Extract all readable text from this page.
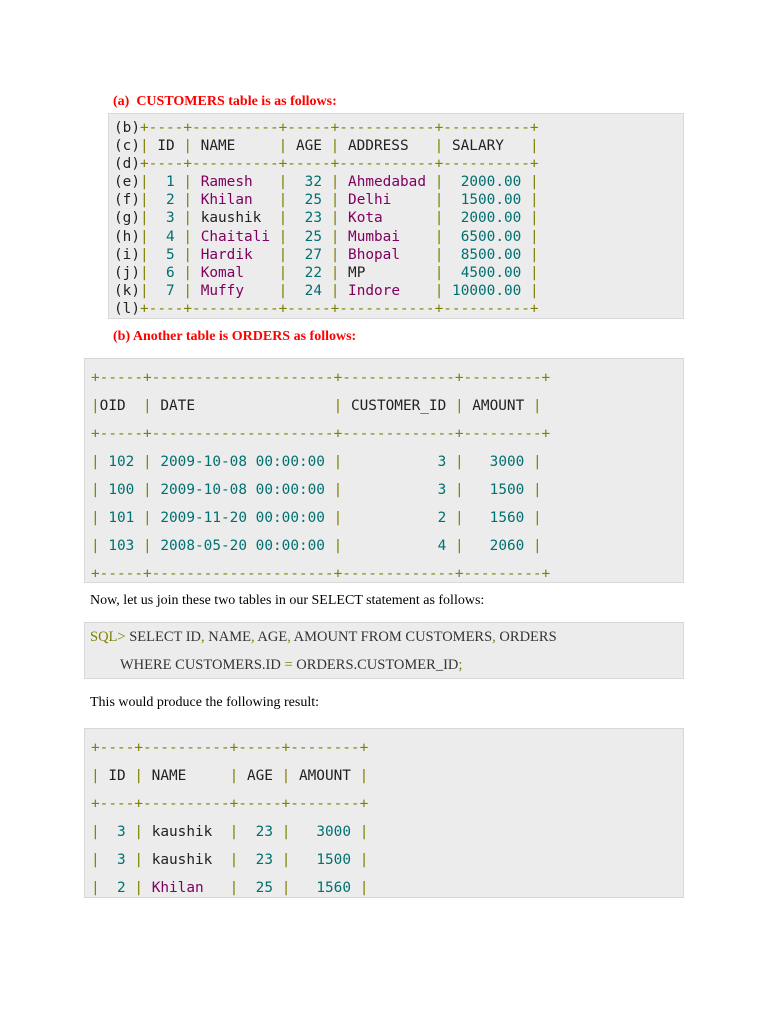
(a)  CUSTOMERS table is as follows:
(b)+----+----------+-----+-----------+----------+
(c)| ID | NAME     | AGE | ADDRESS   | SALARY   |
(d)+----+----------+-----+-----------+----------+
(e)|  1 | Ramesh   |  32 | Ahmedabad |  2000.00 |
(f)|  2 | Khilan   |  25 | Delhi     |  1500.00 |
(g)|  3 | kaushik  |  23 | Kota      |  2000.00 |
(h)|  4 | Chaitali |  25 | Mumbai    |  6500.00 |
(i)|  5 | Hardik   |  27 | Bhopal    |  8500.00 |
(j)|  6 | Komal    |  22 | MP        |  4500.00 |
(k)|  7 | Muffy    |  24 | Indore    | 10000.00 |
(l)+----+----------+-----+-----------+----------+
(b) Another table is ORDERS as follows:
+-----+---------------------+-------------+---------+
|OID  | DATE                | CUSTOMER_ID | AMOUNT |
+-----+---------------------+-------------+---------+
| 102 | 2009-10-08 00:00:00 |           3 |   3000 |
| 100 | 2009-10-08 00:00:00 |           3 |   1500 |
| 101 | 2009-11-20 00:00:00 |           2 |   1560 |
| 103 | 2008-05-20 00:00:00 |           4 |   2060 |
+-----+---------------------+-------------+---------+
Now, let us join these two tables in our SELECT statement as follows:
SQL> SELECT ID, NAME, AGE, AMOUNT FROM CUSTOMERS, ORDERS
WHERE CUSTOMERS.ID = ORDERS.CUSTOMER_ID;
This would produce the following result:
+----+----------+-----+--------+
| ID | NAME     | AGE | AMOUNT |
+----+----------+-----+--------+
|  3 | kaushik  |  23 |   3000 |
|  3 | kaushik  |  23 |   1500 |
|  2 | Khilan   |  25 |   1560 |
